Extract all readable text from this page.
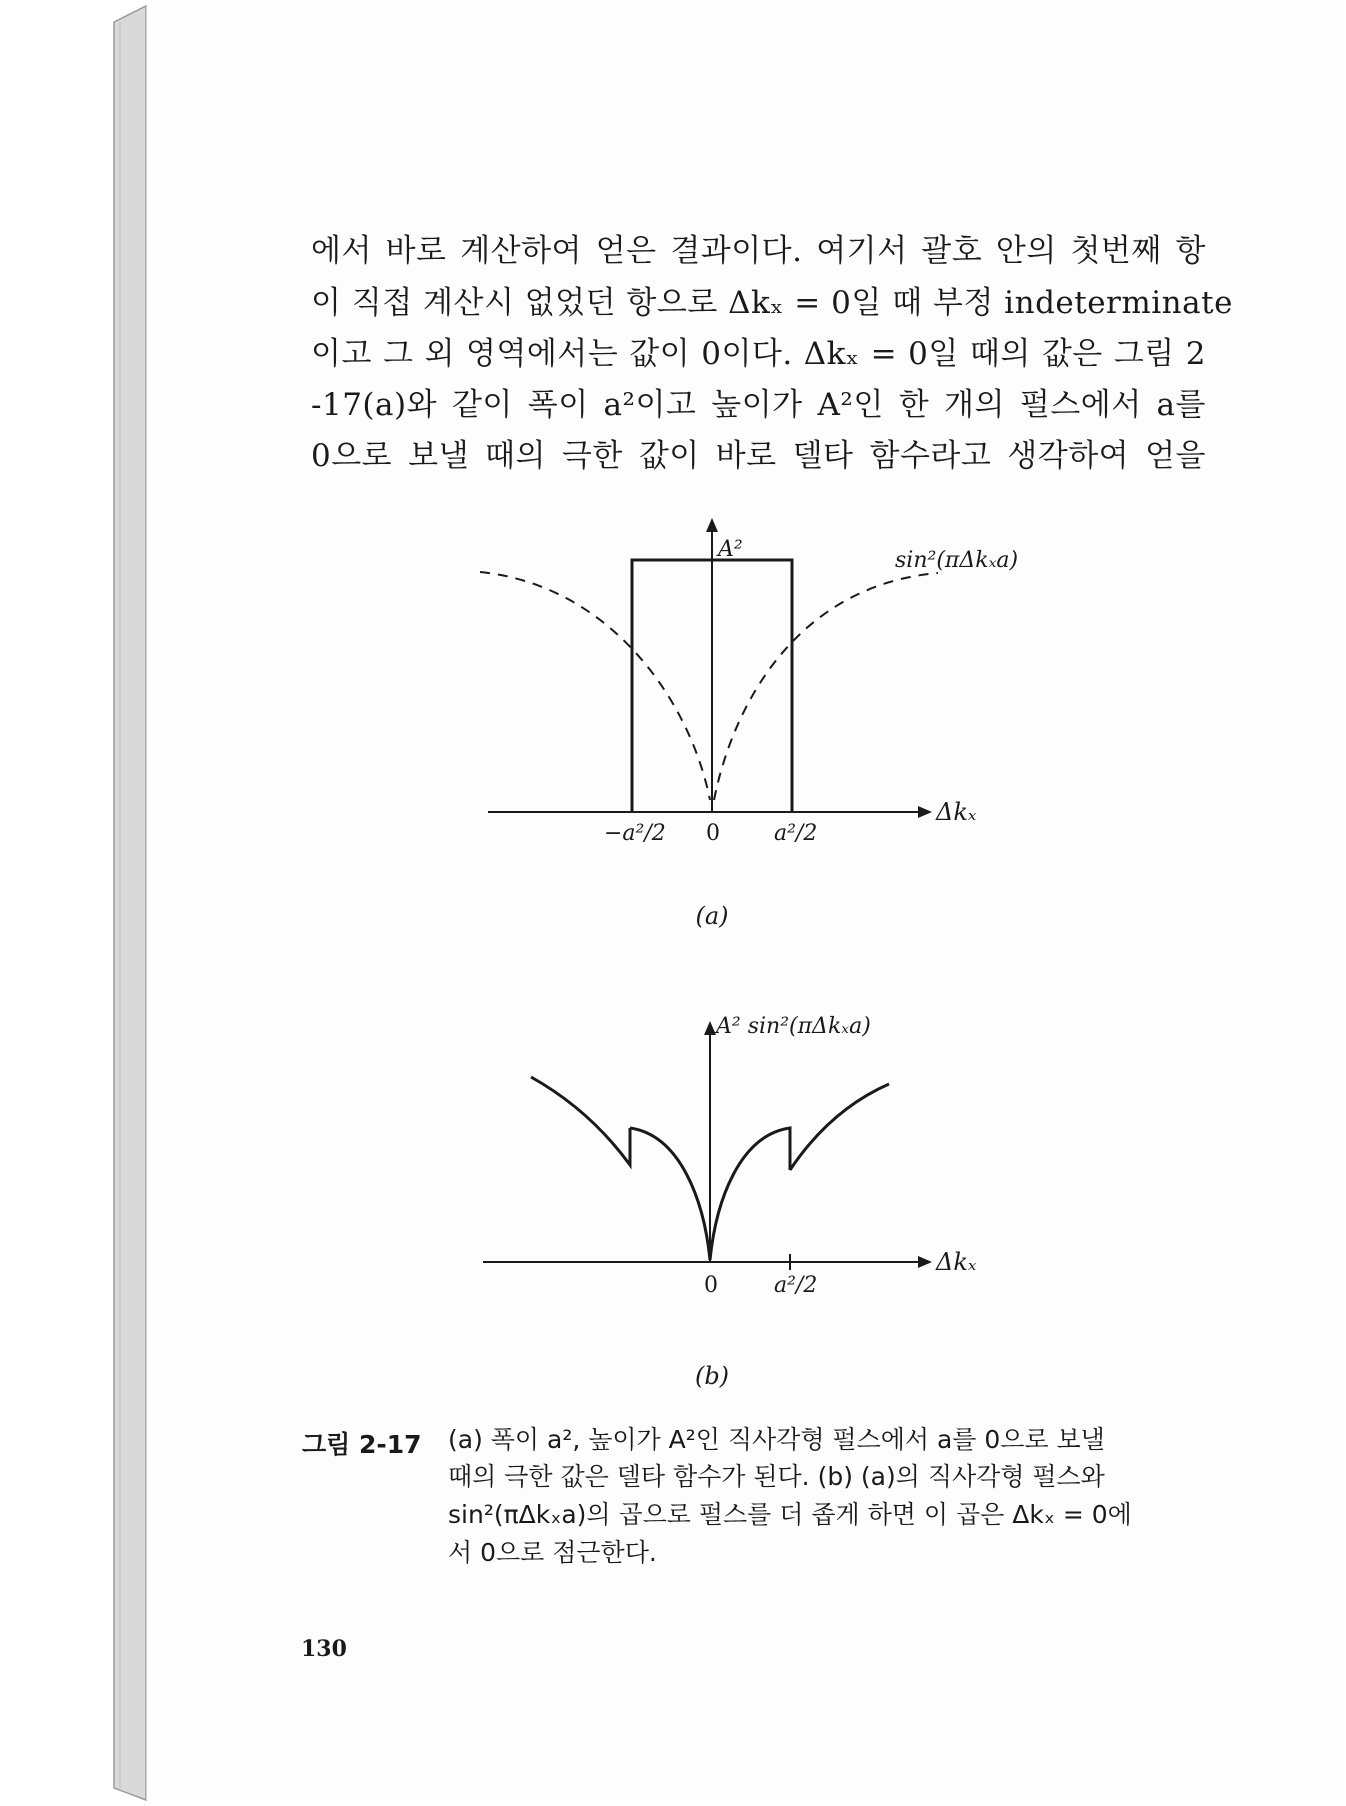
에서 바로 계산하여 얻은 결과이다. 여기서 괄호 안의 첫번째 항
이 직접 계산시 없었던 항으로 Δkₓ = 0일 때 부정 indeterminate
이고 그 외 영역에서는 값이 0이다. Δkₓ = 0일 때의 값은 그림 2
-17(a)와 같이 폭이 a²이고 높이가 A²인 한 개의 펄스에서 a를
0으로 보낼 때의 극한 값이 바로 델타 함수라고 생각하여 얻을
A²	sin²(πΔkₓa)
Δkₓ
−a²/2 0 a²/2
(a)
A² sin²(πΔkₓa)
Δkₓ
0	a²/2
(b)
그림 2-17 (a) 폭이 a², 높이가 A²인 직사각형 펄스에서 a를 0으로 보낼
때의 극한 값은 델타 함수가 된다. (b) (a)의 직사각형 펄스와
sin²(πΔkₓa)의 곱으로 펄스를 더 좁게 하면 이 곱은 Δkₓ = 0에
서 0으로 점근한다.
130
